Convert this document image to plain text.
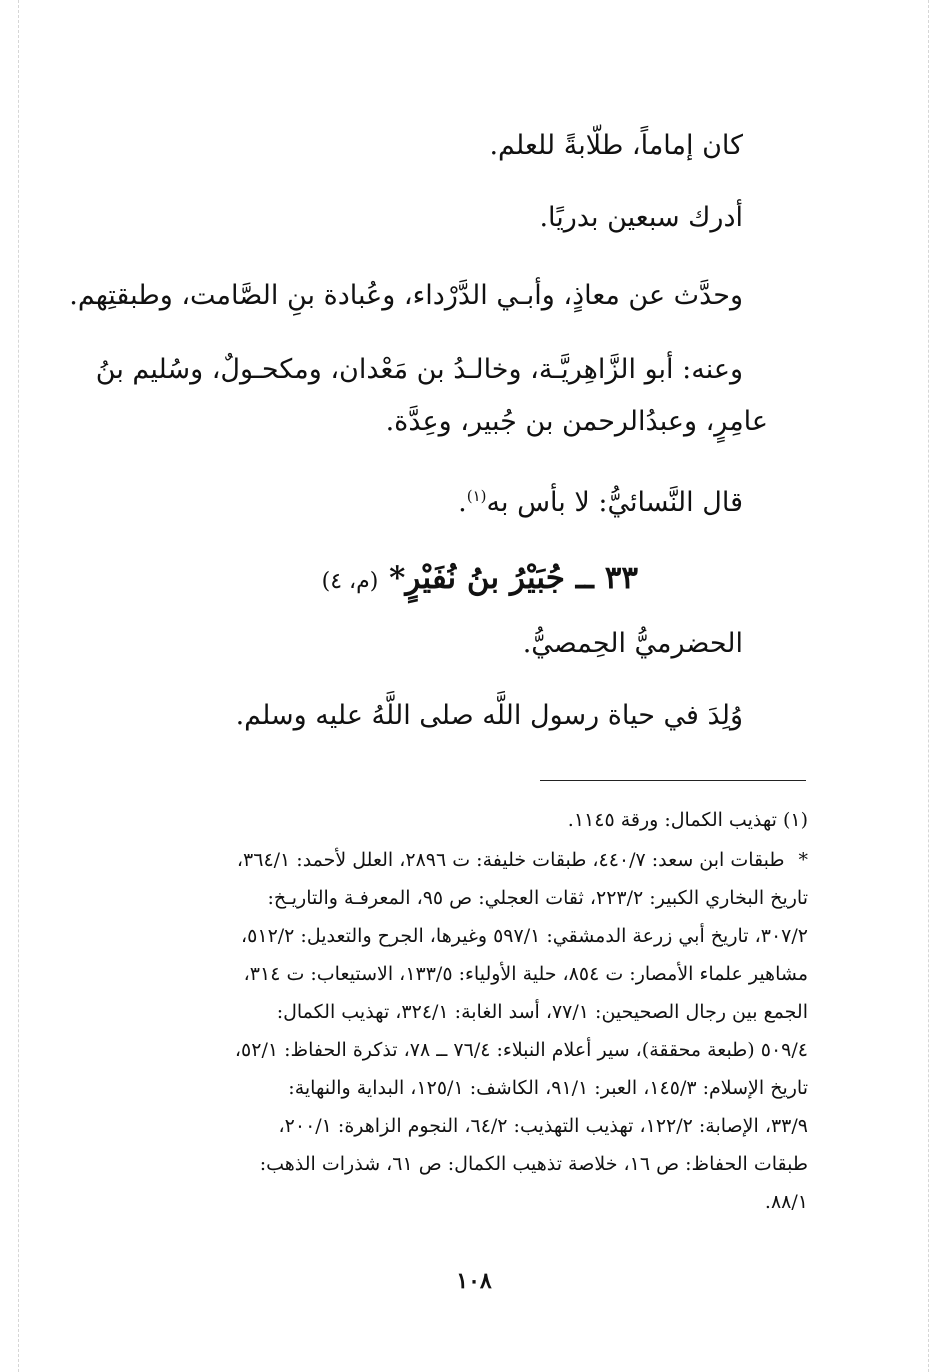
كان إماماً، طلّابةً للعلم.
أدرك سبعين بدريًا.
وحدَّث عن معاذٍ، وأبـي الدَّرْداء، وعُبادة بنِ الصَّامت، وطبقتِهم.
وعنه: أبو الزَّاهِريَّـة، وخالـدُ بن مَعْدان، ومكحـولٌ، وسُليم بنُ
عامِرٍ، وعبدُالرحمن بن جُبير، وعِدَّة.
قال النَّسائيُّ: لا بأس به$^{(١)}$.
٣٣ ــ جُبَيْرُ بنُ نُفَيْرٍ* (م، ٤)
الحضرميُّ الحِمصيُّ.
وُلِدَ في حياة رسول اللَّه صلى اللَّهُ عليه وسلم.
(١) تهذيب الكمال: ورقة ١١٤٥.
*طبقات ابن سعد: ٤٤٠/٧، طبقات خليفة: ت ٢٨٩٦، العلل لأحمد: ٣٦٤/١،
تاريخ البخاري الكبير: ٢٢٣/٢، ثقات العجلي: ص ٩٥، المعرفـة والتاريـخ:
٣٠٧/٢، تاريخ أبي زرعة الدمشقي: ٥٩٧/١ وغيرها، الجرح والتعديل: ٥١٢/٢،
مشاهير علماء الأمصار: ت ٨٥٤، حلية الأولياء: ١٣٣/٥، الاستيعاب: ت ٣١٤،
الجمع بين رجال الصحيحين: ٧٧/١، أسد الغابة: ٣٢٤/١، تهذيب الكمال:
٥٠٩/٤ (طبعة محققة)، سير أعلام النبلاء: ٧٦/٤ ــ ٧٨، تذكرة الحفاظ: ٥٢/١،
تاريخ الإسلام: ١٤٥/٣، العبر: ٩١/١، الكاشف: ١٢٥/١، البداية والنهاية:
٣٣/٩، الإصابة: ١٢٢/٢، تهذيب التهذيب: ٦٤/٢، النجوم الزاهرة: ٢٠٠/١،
طبقات الحفاظ: ص ١٦، خلاصة تذهيب الكمال: ص ٦١، شذرات الذهب:
٨٨/١.
١٠٨
